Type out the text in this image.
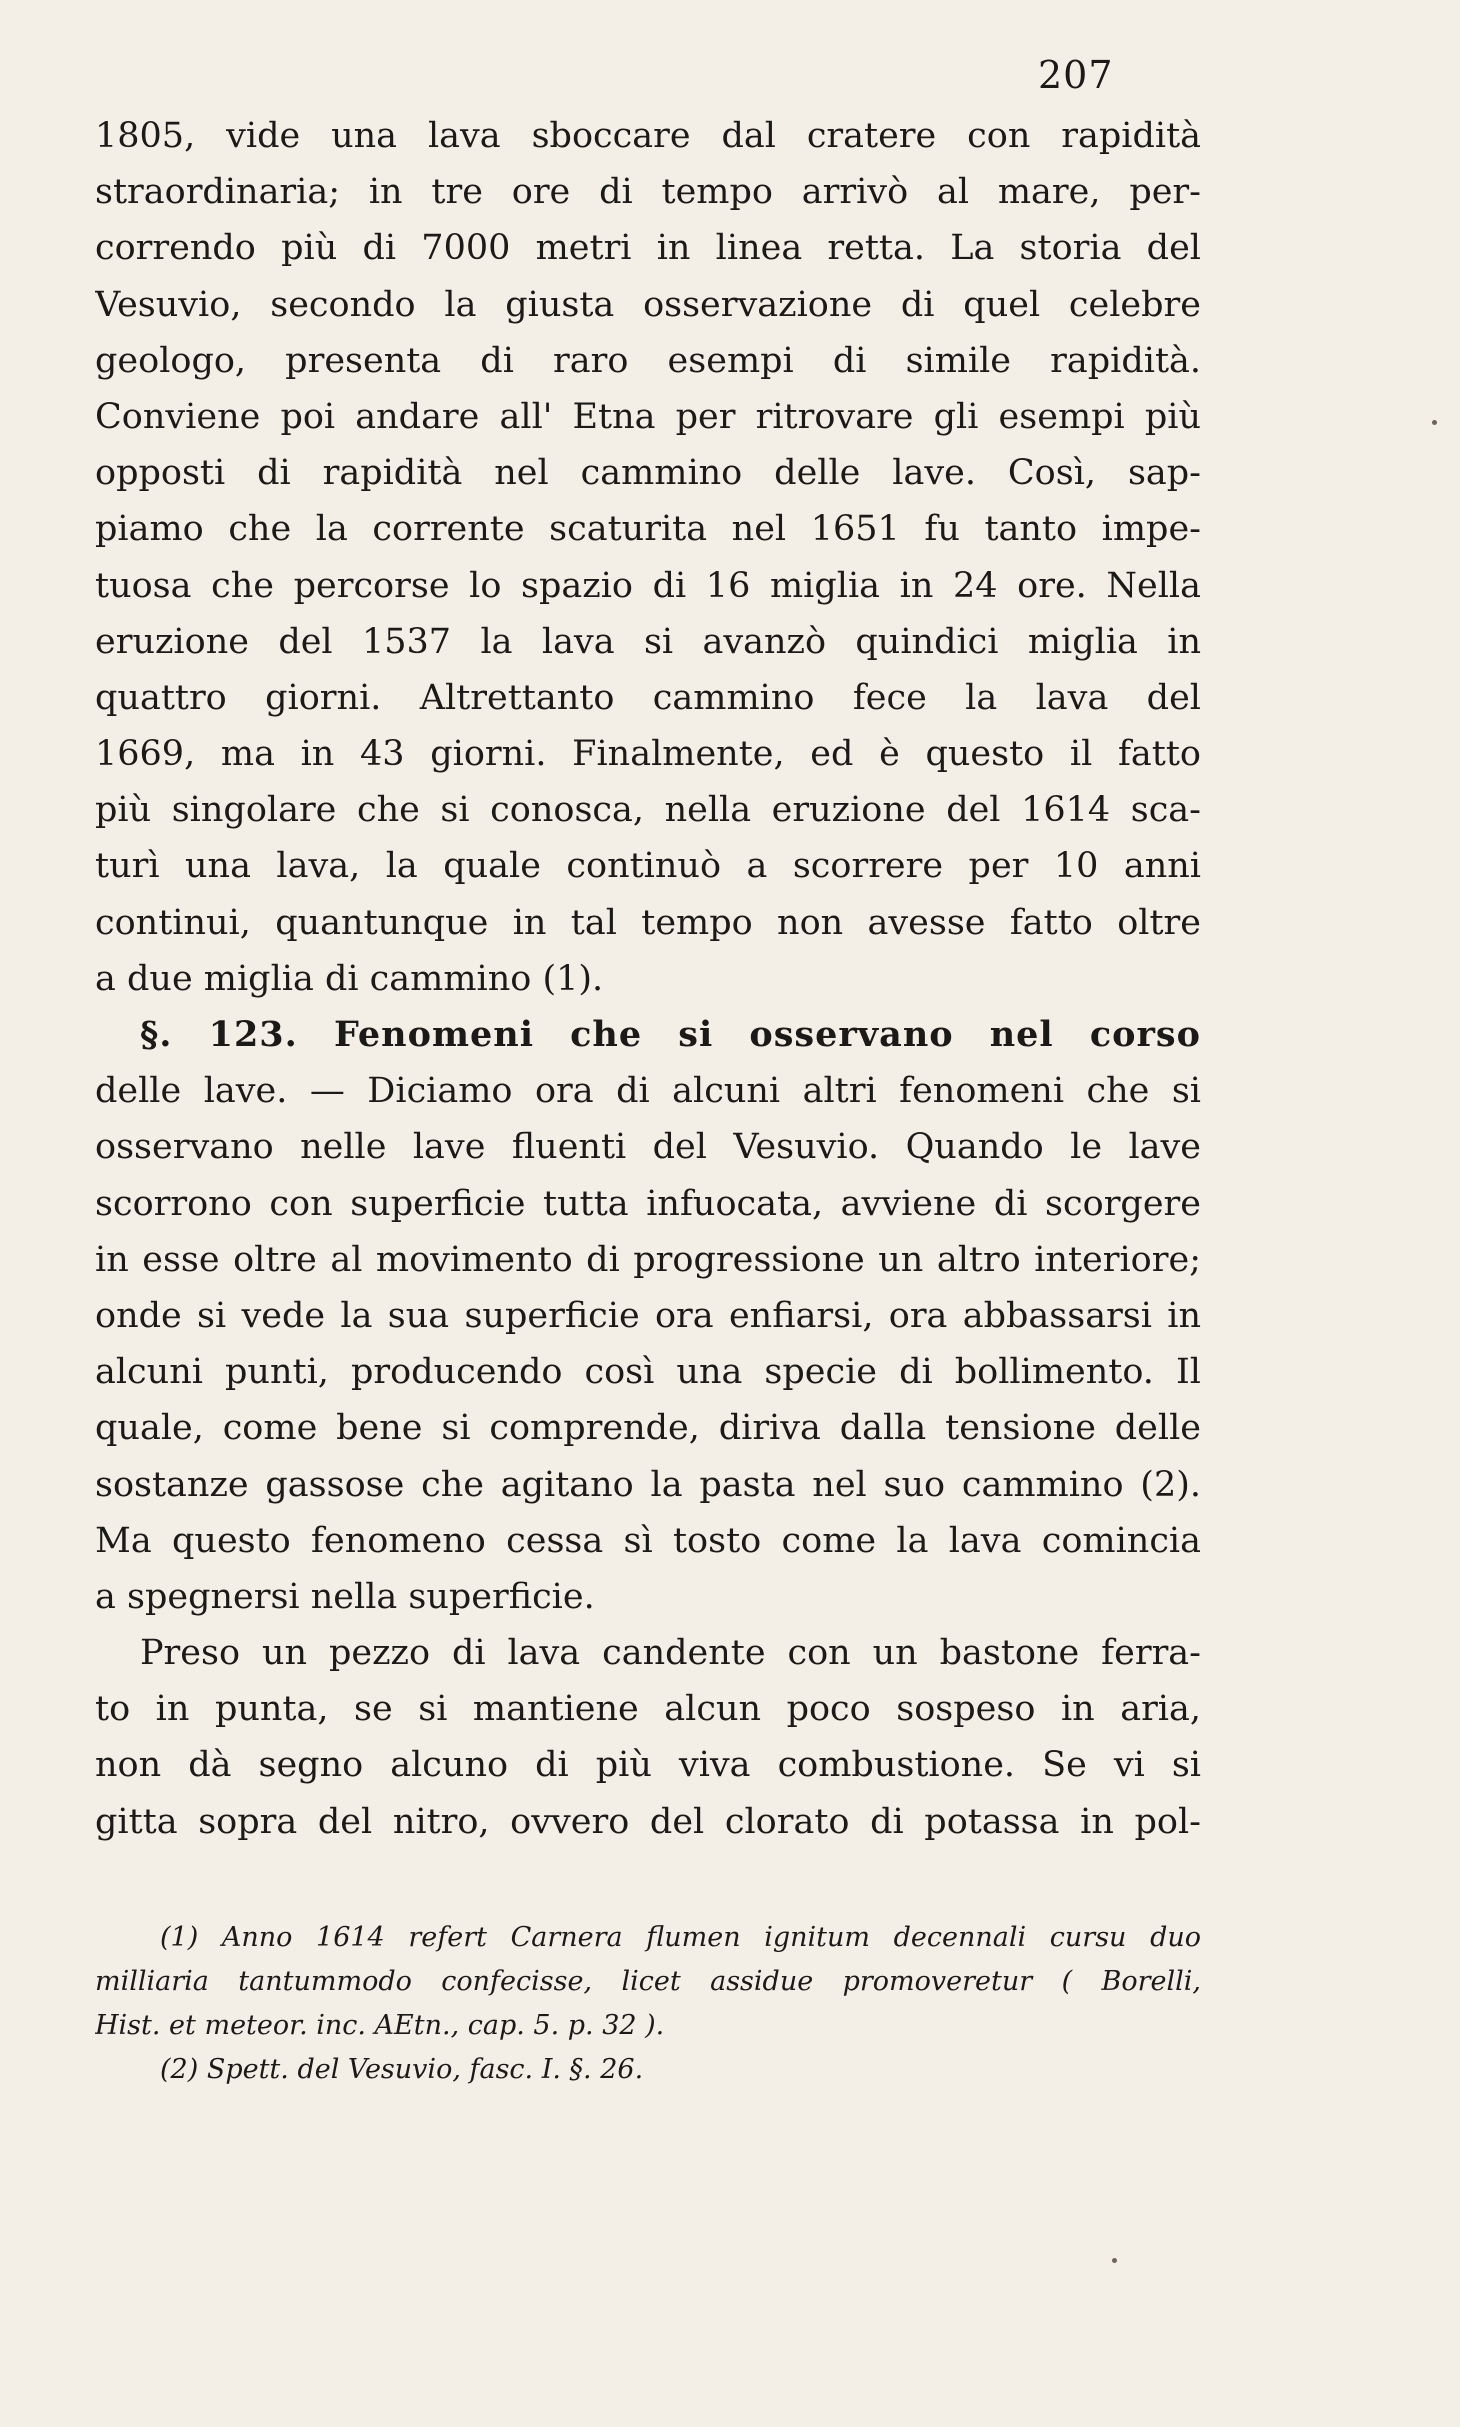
207
1805, vide una lava sboccare dal cratere con rapidità
straordinaria; in tre ore di tempo arrivò al mare, per-
correndo più di 7000 metri in linea retta. La storia del
Vesuvio, secondo la giusta osservazione di quel celebre
geologo, presenta di raro esempi di simile rapidità.
Conviene poi andare all' Etna per ritrovare gli esempi più
opposti di rapidità nel cammino delle lave. Così, sap-
piamo che la corrente scaturita nel 1651 fu tanto impe-
tuosa che percorse lo spazio di 16 miglia in 24 ore. Nella
eruzione del 1537 la lava si avanzò quindici miglia in
quattro giorni. Altrettanto cammino fece la lava del
1669, ma in 43 giorni. Finalmente, ed è questo il fatto
più singolare che si conosca, nella eruzione del 1614 sca-
turì una lava, la quale continuò a scorrere per 10 anni
continui, quantunque in tal tempo non avesse fatto oltre
a due miglia di cammino (1).
§. 123. Fenomeni che si osservano nel corso
delle lave. — Diciamo ora di alcuni altri fenomeni che si
osservano nelle lave fluenti del Vesuvio. Quando le lave
scorrono con superficie tutta infuocata, avviene di scorgere
in esse oltre al movimento di progressione un altro interiore;
onde si vede la sua superficie ora enfiarsi, ora abbassarsi in
alcuni punti, producendo così una specie di bollimento. Il
quale, come bene si comprende, diriva dalla tensione delle
sostanze gassose che agitano la pasta nel suo cammino (2).
Ma questo fenomeno cessa sì tosto come la lava comincia
a spegnersi nella superficie.
Preso un pezzo di lava candente con un bastone ferra-
to in punta, se si mantiene alcun poco sospeso in aria,
non dà segno alcuno di più viva combustione. Se vi si
gitta sopra del nitro, ovvero del clorato di potassa in pol-
(1) Anno 1614 refert Carnera flumen ignitum decennali cursu duo
milliaria tantummodo confecisse, licet assidue promoveretur ( Borelli,
Hist. et meteor. inc. AEtn., cap. 5. p. 32 ).
(2) Spett. del Vesuvio, fasc. I. §. 26.
